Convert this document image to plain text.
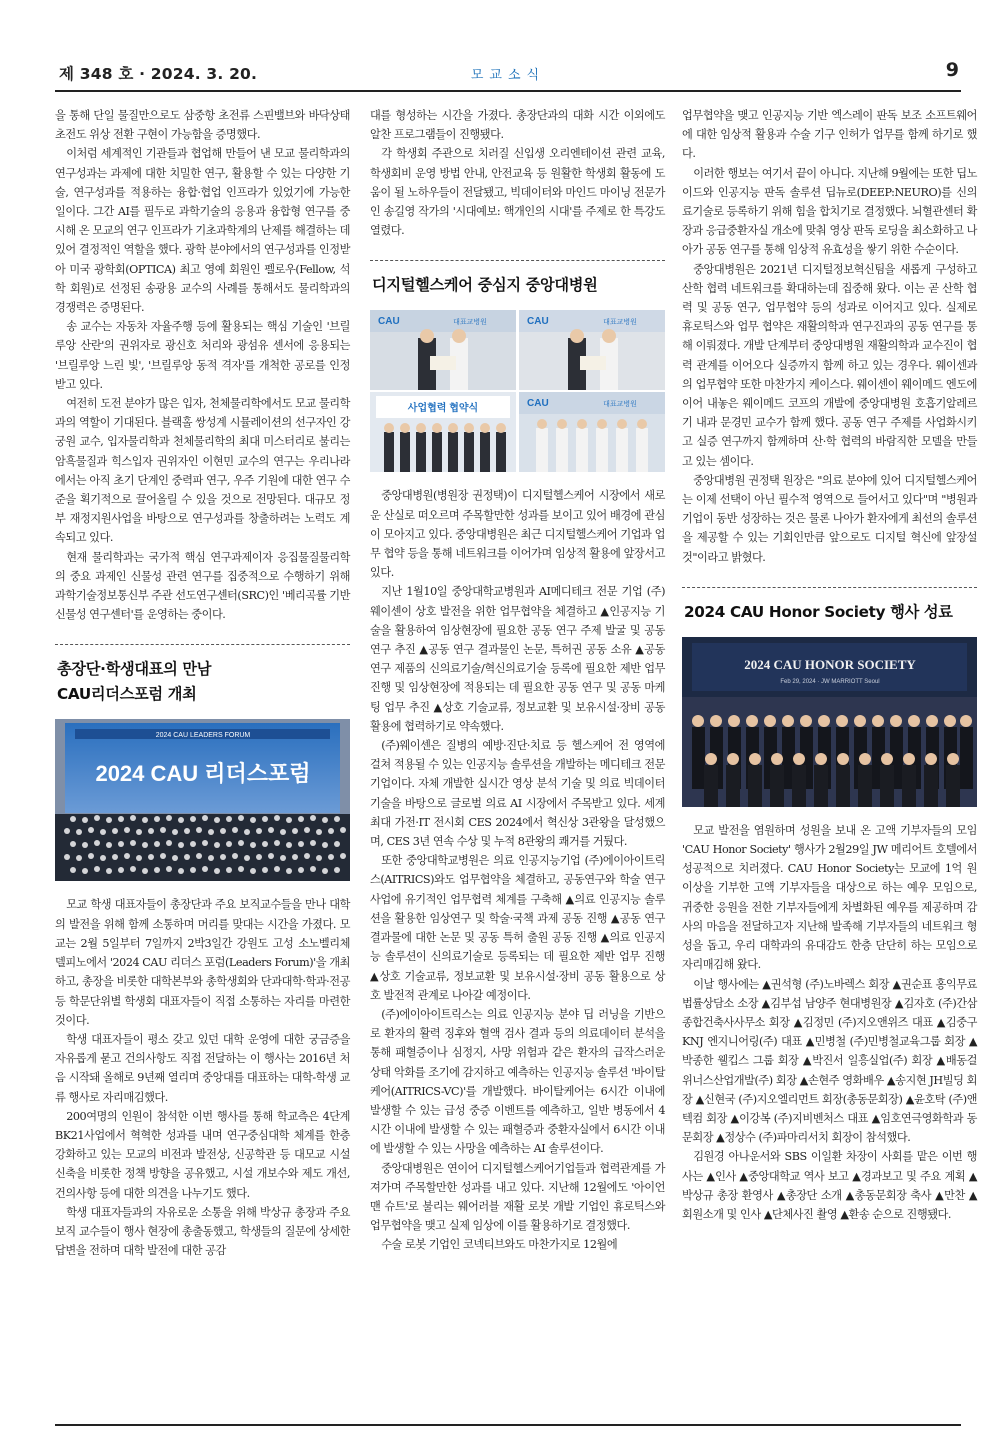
제 348 호 · 2024. 3. 20.	모교소식	9

을 통해 단일 물질만으로도 삼중항 초전류 스핀밸브와 바닥상태 초전도 위상 전환 구현이 가능함을 증명했다.

이처럼 세계적인 기관들과 협업해 만들어 낸 모교 물리학과의 연구성과는 과제에 대한 치밀한 연구, 활용할 수 있는 다양한 기술, 연구성과를 적용하는 융합·협업 인프라가 있었기에 가능한 일이다. 그간 AI를 필두로 과학기술의 응용과 융합형 연구를 중시해 온 모교의 연구 인프라가 기초과학계의 난제를 해결하는 데 있어 결정적인 역할을 했다. 광학 분야에서의 연구성과를 인정받아 미국 광학회(OPTICA) 최고 영예 회원인 펠로우(Fellow, 석학 회원)로 선정된 송광용 교수의 사례를 통해서도 물리학과의 경쟁력은 증명된다.

송 교수는 자동차 자율주행 등에 활용되는 핵심 기술인 '브릴루앙 산란'의 권위자로 광신호 처리와 광섬유 센서에 응용되는 '브릴루앙 느린 빛', '브릴루앙 동적 격자'를 개척한 공로를 인정받고 있다.

여전히 도전 분야가 많은 입자, 천체물리학에서도 모교 물리학과의 역할이 기대된다. 블랙홀 쌍성계 시뮬레이션의 선구자인 강궁원 교수, 입자물리학과 천체물리학의 최대 미스터리로 불리는 암흑물질과 힉스입자 권위자인 이현민 교수의 연구는 우리나라에서는 아직 초기 단계인 중력파 연구, 우주 기원에 대한 연구 수준을 획기적으로 끌어올릴 수 있을 것으로 전망된다. 대규모 정부 재정지원사업을 바탕으로 연구성과를 창출하려는 노력도 계속되고 있다.

현재 물리학과는 국가적 핵심 연구과제이자 응집물질물리학의 중요 과제인 신물성 관련 연구를 집중적으로 수행하기 위해 과학기술정보통신부 주관 선도연구센터(SRC)인 '베리곡률 기반 신물성 연구센터'를 운영하는 중이다.

총장단·학생대표의 만남
CAU리더스포럼 개최
2024 CAU LEADERS FORUM
2024 CAU 리더스포럼

모교 학생 대표자들이 총장단과 주요 보직교수들을 만나 대학의 발전을 위해 함께 소통하며 머리를 맞대는 시간을 가졌다. 모교는 2월 5일부터 7일까지 2박3일간 강원도 고성 소노벨리체 델피노에서 '2024 CAU 리더스 포럼(Leaders Forum)'을 개최하고, 총장을 비롯한 대학본부와 총학생회와 단과대학·학과·전공 등 학문단위별 학생회 대표자들이 직접 소통하는 자리를 마련한 것이다.

학생 대표자들이 평소 갖고 있던 대학 운영에 대한 궁금증을 자유롭게 묻고 건의사항도 직접 전달하는 이 행사는 2016년 처음 시작돼 올해로 9년째 열리며 중앙대를 대표하는 대학-학생 교류 행사로 자리매김했다.

200여명의 인원이 참석한 이번 행사를 통해 학교측은 4단계 BK21사업에서 혁혁한 성과를 내며 연구중심대학 체계를 한층 강화하고 있는 모교의 비전과 발전상, 신공학관 등 대모교 시설 신축을 비롯한 정책 방향을 공유했고, 시설 개보수와 제도 개선, 건의사항 등에 대한 의견을 나누기도 했다.

학생 대표자들과의 자유로운 소통을 위해 박상규 총장과 주요 보직 교수들이 행사 현장에 총출동했고, 학생들의 질문에 상세한 답변을 전하며 대학 발전에 대한 공감

대를 형성하는 시간을 가졌다. 총장단과의 대화 시간 이외에도 알찬 프로그램들이 진행됐다.

각 학생회 주관으로 치러질 신입생 오리엔테이션 관련 교육, 학생회비 운영 방법 안내, 안전교육 등 원활한 학생회 활동에 도움이 될 노하우들이 전달됐고, 빅데이터와 마인드 마이닝 전문가인 송길영 작가의 '시대예보: 핵개인의 시대'를 주제로 한 특강도 열렸다.

디지털헬스케어 중심지 중앙대병원
CAU	대표교병원	CAU	대표교병원
사업협력 협약식	CAU	대표교병원

중앙대병원(병원장 권정택)이 디지털헬스케어 시장에서 새로운 산실로 떠오르며 주목할만한 성과를 보이고 있어 배경에 관심이 모아지고 있다. 중앙대병원은 최근 디지털헬스케어 기업과 업무 협약 등을 통해 네트워크를 이어가며 임상적 활용에 앞장서고 있다.

지난 1월10일 중앙대학교병원과 AI메디테크 전문 기업 (주)웨이센이 상호 발전을 위한 업무협약을 체결하고 ▲인공지능 기술을 활용하여 임상현장에 필요한 공동 연구 주제 발굴 및 공동 연구 추진 ▲공동 연구 결과물인 논문, 특허권 공동 소유 ▲공동 연구 제품의 신의료기술/혁신의료기술 등록에 필요한 제반 업무 진행 및 임상현장에 적용되는 데 필요한 공동 연구 및 공동 마케팅 업무 추진 ▲상호 기술교류, 정보교환 및 보유시설·장비 공동 활용에 협력하기로 약속했다.

(주)웨이센은 질병의 예방·진단·치료 등 헬스케어 전 영역에 걸쳐 적용될 수 있는 인공지능 솔루션을 개발하는 메디테크 전문 기업이다. 자체 개발한 실시간 영상 분석 기술 및 의료 빅데이터 기술을 바탕으로 글로벌 의료 AI 시장에서 주목받고 있다. 세계 최대 가전·IT 전시회 CES 2024에서 혁신상 3관왕을 달성했으며, CES 3년 연속 수상 및 누적 8관왕의 쾌거를 거뒀다.

또한 중앙대학교병원은 의료 인공지능기업 (주)에이아이트릭스(AITRICS)와도 업무협약을 체결하고, 공동연구와 학술 연구 사업에 유기적인 업무협력 체계를 구축해 ▲의료 인공지능 솔루션을 활용한 임상연구 및 학술·국책 과제 공동 진행 ▲공동 연구 결과물에 대한 논문 및 공동 특허 출원 공동 진행 ▲의료 인공지능 솔루션이 신의료기술로 등록되는 데 필요한 제반 업무 진행 ▲상호 기술교류, 정보교환 및 보유시설·장비 공동 활용으로 상호 발전적 관계로 나아갈 예정이다.

(주)에이아이트릭스는 의료 인공지능 분야 딥 러닝을 기반으로 환자의 활력 징후와 혈액 검사 결과 등의 의료데이터 분석을 통해 패혈증이나 심정지, 사망 위험과 같은 환자의 급작스러운 상태 악화를 조기에 감지하고 예측하는 인공지능 솔루션 '바이탈케어(AITRICS-VC)'를 개발했다. 바이탈케어는 6시간 이내에 발생할 수 있는 급성 중증 이벤트를 예측하고, 일반 병동에서 4시간 이내에 발생할 수 있는 패혈증과 중환자실에서 6시간 이내에 발생할 수 있는 사망을 예측하는 AI 솔루션이다.

중앙대병원은 연이어 디지털헬스케어기업들과 협력관계를 가져가며 주목할만한 성과를 내고 있다. 지난해 12월에도 '아이언맨 슈트'로 불리는 웨어러블 재활 로봇 개발 기업인 휴로틱스와 업무협약을 맺고 실제 임상에 이를 활용하기로 결정했다.

수술 로봇 기업인 코넥티브와도 마찬가지로 12월에

업무협약을 맺고 인공지능 기반 엑스레이 판독 보조 소프트웨어에 대한 임상적 활용과 수술 기구 인허가 업무를 함께 하기로 했다.

이러한 행보는 여기서 끝이 아니다. 지난해 9월에는 또한 딥노이드와 인공지능 판독 솔루션 딥뉴로(DEEP:NEURO)를 신의료기술로 등록하기 위해 힘을 합치기로 결정했다. 뇌혈관센터 확장과 응급중환자실 개소에 맞춰 영상 판독 로딩을 최소화하고 나아가 공동 연구를 통해 임상적 유효성을 쌓기 위한 수순이다.

중앙대병원은 2021년 디지털정보혁신팀을 새롭게 구성하고 산학 협력 네트워크를 확대하는데 집중해 왔다. 이는 곧 산학 협력 및 공동 연구, 업무협약 등의 성과로 이어지고 있다. 실제로 휴로틱스와 업무 협약은 재활의학과 연구진과의 공동 연구를 통해 이뤄졌다. 개발 단계부터 중앙대병원 재활의학과 교수진이 협력 관계를 이어오다 실증까지 함께 하고 있는 경우다. 웨이센과의 업무협약 또한 마찬가지 케이스다. 웨이센이 웨이메드 엔도에 이어 내놓은 웨이메드 코프의 개발에 중앙대병원 호흡기알레르기 내과 문경민 교수가 함께 했다. 공동 연구 주제를 사업화시키고 실증 연구까지 함께하며 산·학 협력의 바람직한 모델을 만들고 있는 셈이다.

중앙대병원 권정택 원장은 "의료 분야에 있어 디지털헬스케어는 이제 선택이 아닌 필수적 영역으로 들어서고 있다"며 "병원과 기업이 동반 성장하는 것은 물론 나아가 환자에게 최선의 솔루션을 제공할 수 있는 기회인만큼 앞으로도 디지털 혁신에 앞장설 것"이라고 밝혔다.

2024 CAU Honor Society 행사 성료
2024 CAU HONOR SOCIETY
Feb 29, 2024 · JW MARRIOTT Seoul

모교 발전을 염원하며 성원을 보내 온 고액 기부자들의 모임 'CAU Honor Society' 행사가 2월29일 JW 메리어트 호텔에서 성공적으로 치러졌다. CAU Honor Society는 모교에 1억 원 이상을 기부한 고액 기부자들을 대상으로 하는 예우 모임으로, 귀중한 응원을 전한 기부자들에게 차별화된 예우를 제공하며 감사의 마음을 전달하고자 지난해 발족해 기부자들의 네트워크 형성을 돕고, 우리 대학과의 유대감도 한층 단단히 하는 모임으로 자리매김해 왔다.

이날 행사에는 ▲권석형 (주)노바렉스 회장 ▲권순표 홍익무료법률상담소 소장 ▲김부섭 남양주 현대병원장 ▲김자호 (주)간삼종합건축사사무소 회장 ▲김정민 (주)지오앤위즈 대표 ▲김중구 KNJ 엔지니어링(주) 대표 ▲민병철 (주)민병철교육그룹 회장 ▲박종한 웰킵스 그룹 회장 ▲박진서 일흥실업(주) 회장 ▲배동걸 위너스산업개발(주) 회장 ▲손현주 영화배우 ▲송지현 JH빌딩 회장 ▲신현국 (주)지오엘리먼트 회장(총동문회장) ▲윤호탁 (주)앤텍컴 회장 ▲이강복 (주)지비벤처스 대표 ▲임호연극영화학과 동문회장 ▲정상수 (주)파마리서치 회장이 참석했다.

김원경 아나운서와 SBS 이일환 차장이 사회를 맡은 이번 행사는 ▲인사 ▲중앙대학교 역사 보고 ▲경과보고 및 주요 계획 ▲박상규 총장 환영사 ▲총장단 소개 ▲총동문회장 축사 ▲만찬 ▲회원소개 및 인사 ▲단체사진 촬영 ▲환송 순으로 진행됐다.
